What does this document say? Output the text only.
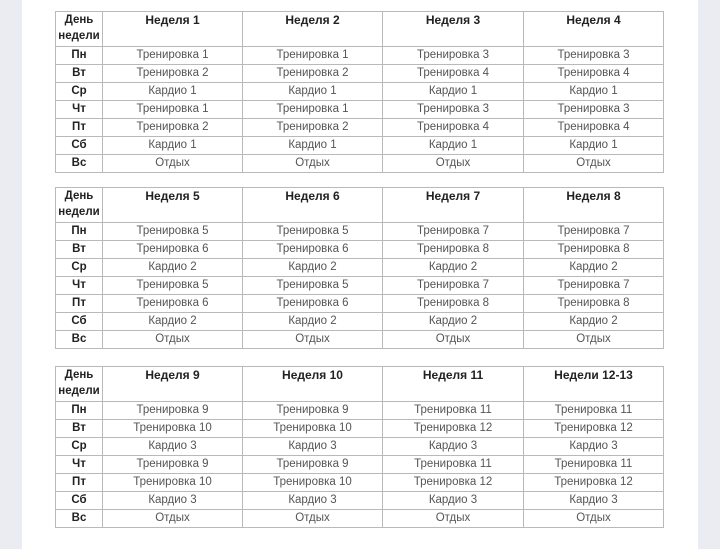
День недели	Неделя 1	Неделя 2	Неделя 3	Неделя 4
Пн	Тренировка 1	Тренировка 1	Тренировка 3	Тренировка 3
Вт	Тренировка 2	Тренировка 2	Тренировка 4	Тренировка 4
Ср	Кардио 1	Кардио 1	Кардио 1	Кардио 1
Чт	Тренировка 1	Тренировка 1	Тренировка 3	Тренировка 3
Пт	Тренировка 2	Тренировка 2	Тренировка 4	Тренировка 4
Сб	Кардио 1	Кардио 1	Кардио 1	Кардио 1
Вс	Отдых	Отдых	Отдых	Отдых
День недели	Неделя 5	Неделя 6	Неделя 7	Неделя 8
Пн	Тренировка 5	Тренировка 5	Тренировка 7	Тренировка 7
Вт	Тренировка 6	Тренировка 6	Тренировка 8	Тренировка 8
Ср	Кардио 2	Кардио 2	Кардио 2	Кардио 2
Чт	Тренировка 5	Тренировка 5	Тренировка 7	Тренировка 7
Пт	Тренировка 6	Тренировка 6	Тренировка 8	Тренировка 8
Сб	Кардио 2	Кардио 2	Кардио 2	Кардио 2
Вс	Отдых	Отдых	Отдых	Отдых
День недели	Неделя 9	Неделя 10	Неделя 11	Недели 12-13
Пн	Тренировка 9	Тренировка 9	Тренировка 11	Тренировка 11
Вт	Тренировка 10	Тренировка 10	Тренировка 12	Тренировка 12
Ср	Кардио 3	Кардио 3	Кардио 3	Кардио 3
Чт	Тренировка 9	Тренировка 9	Тренировка 11	Тренировка 11
Пт	Тренировка 10	Тренировка 10	Тренировка 12	Тренировка 12
Сб	Кардио 3	Кардио 3	Кардио 3	Кардио 3
Вс	Отдых	Отдых	Отдых	Отдых
